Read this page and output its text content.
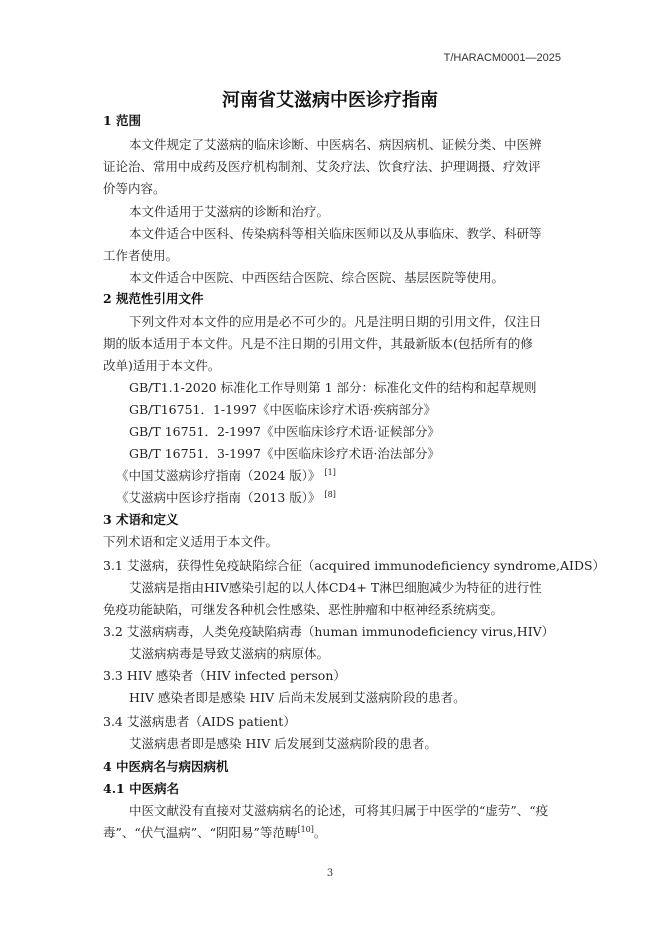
T/HARACM0001—2025
河南省艾滋病中医诊疗指南
1 范围
本文件规定了艾滋病的临床诊断、中医病名、病因病机、证候分类、中医辨
证论治、常用中成药及医疗机构制剂、艾灸疗法、饮食疗法、护理调摄、疗效评
价等内容。
本文件适用于艾滋病的诊断和治疗。
本文件适合中医科、传染病科等相关临床医师以及从事临床、教学、科研等
工作者使用。
本文件适合中医院、中西医结合医院、综合医院、基层医院等使用。
2 规范性引用文件
下列文件对本文件的应用是必不可少的。凡是注明日期的引用文件，仅注日
期的版本适用于本文件。凡是不注日期的引用文件，其最新版本(包括所有的修
改单)适用于本文件。
GB/T1.1-2020 标准化工作导则第 1 部分：标准化文件的结构和起草规则
GB/T16751．1-1997《中医临床诊疗术语·疾病部分》
GB/T 16751．2-1997《中医临床诊疗术语·证候部分》
GB/T 16751．3-1997《中医临床诊疗术语·治法部分》
《中国艾滋病诊疗指南（2024 版）》 [1]
《艾滋病中医诊疗指南（2013 版）》 [8]
3 术语和定义
下列术语和定义适用于本文件。
3.1 艾滋病，获得性免疫缺陷综合征（acquired immunodeficiency syndrome,AIDS）
艾滋病是指由HIV感染引起的以人体CD4+ T淋巴细胞减少为特征的进行性
免疫功能缺陷，可继发各种机会性感染、恶性肿瘤和中枢神经系统病变。
3.2 艾滋病病毒，人类免疫缺陷病毒（human immunodeficiency virus,HIV）
艾滋病病毒是导致艾滋病的病原体。
3.3 HIV 感染者（HIV infected person）
HIV 感染者即是感染 HIV 后尚未发展到艾滋病阶段的患者。
3.4 艾滋病患者（AIDS patient）
艾滋病患者即是感染 HIV 后发展到艾滋病阶段的患者。
4 中医病名与病因病机
4.1 中医病名
中医文献没有直接对艾滋病病名的论述，可将其归属于中医学的“虚劳”、“疫
毒”、“伏气温病”、“阴阳易”等范畴[10]。
3
